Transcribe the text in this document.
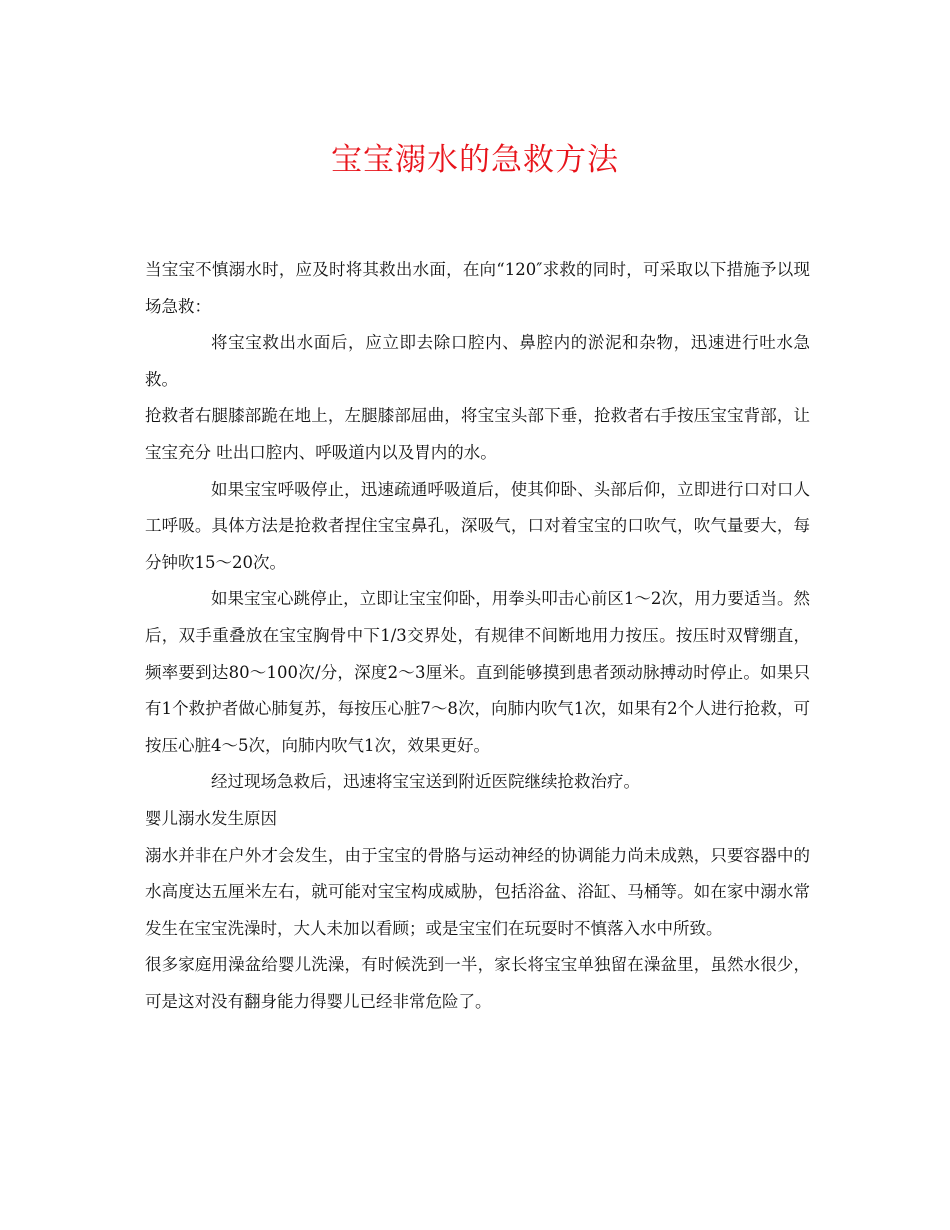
宝宝溺水的急救方法

当宝宝不慎溺水时，应及时将其救出水面，在向“120″求救的同时，可采取以下措施予以现场急救：

将宝宝救出水面后，应立即去除口腔内、鼻腔内的淤泥和杂物，迅速进行吐水急救。

抢救者右腿膝部跪在地上，左腿膝部屈曲，将宝宝头部下垂，抢救者右手按压宝宝背部，让宝宝充分 吐出口腔内、呼吸道内以及胃内的水。

如果宝宝呼吸停止，迅速疏通呼吸道后，使其仰卧、头部后仰，立即进行口对口人工呼吸。具体方法是抢救者捏住宝宝鼻孔，深吸气，口对着宝宝的口吹气，吹气量要大，每分钟吹15～20次。

如果宝宝心跳停止，立即让宝宝仰卧，用拳头叩击心前区1～2次，用力要适当。然后，双手重叠放在宝宝胸骨中下1/3交界处，有规律不间断地用力按压。按压时双臂绷直，频率要到达80～100次/分，深度2～3厘米。直到能够摸到患者颈动脉搏动时停止。如果只有1个救护者做心肺复苏，每按压心脏7～8次，向肺内吹气1次，如果有2个人进行抢救，可按压心脏4～5次，向肺内吹气1次，效果更好。

经过现场急救后，迅速将宝宝送到附近医院继续抢救治疗。

婴儿溺水发生原因

溺水并非在户外才会发生，由于宝宝的骨胳与运动神经的协调能力尚未成熟，只要容器中的水高度达五厘米左右，就可能对宝宝构成威胁，包括浴盆、浴缸、马桶等。如在家中溺水常发生在宝宝洗澡时，大人未加以看顾；或是宝宝们在玩耍时不慎落入水中所致。

很多家庭用澡盆给婴儿洗澡，有时候洗到一半，家长将宝宝单独留在澡盆里，虽然水很少，可是这对没有翻身能力得婴儿已经非常危险了。
